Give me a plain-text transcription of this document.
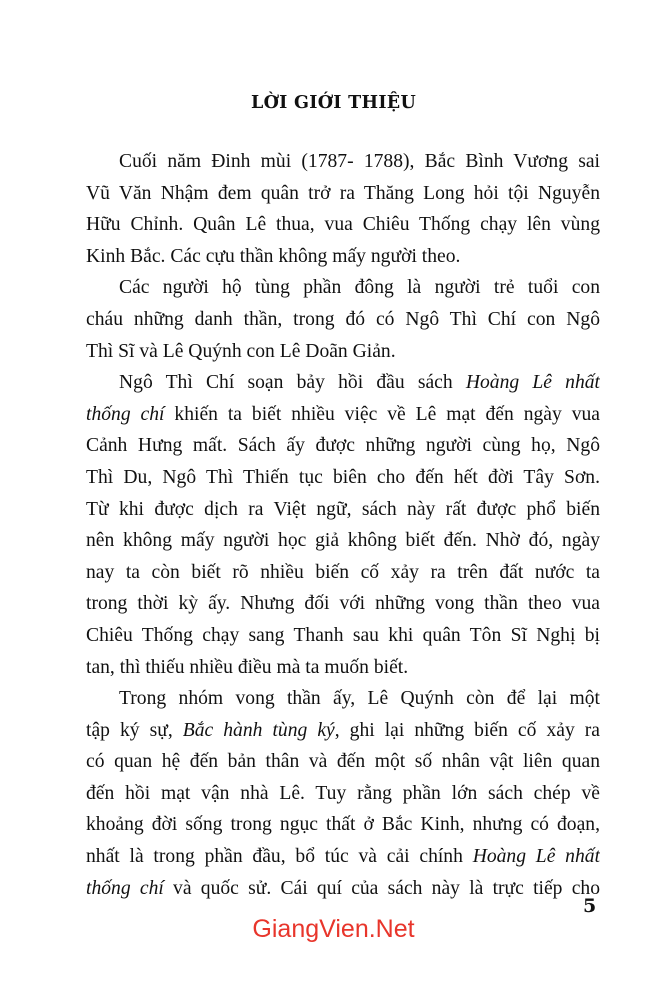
LỜI GIỚI THIỆU

Cuối năm Đinh mùi (1787- 1788), Bắc Bình Vương sai
Vũ Văn Nhậm đem quân trở ra Thăng Long hỏi tội Nguyễn
Hữu Chỉnh. Quân Lê thua, vua Chiêu Thống chạy lên vùng
Kinh Bắc. Các cựu thần không mấy người theo.

Các người hộ tùng phần đông là người trẻ tuổi con
cháu những danh thần, trong đó có Ngô Thì Chí con Ngô
Thì Sĩ và Lê Quýnh con Lê Doãn Giản.

Ngô Thì Chí soạn bảy hồi đầu sách Hoàng Lê nhất
thống chí khiến ta biết nhiều việc về Lê mạt đến ngày vua
Cảnh Hưng mất. Sách ấy được những người cùng họ, Ngô
Thì Du, Ngô Thì Thiến tục biên cho đến hết đời Tây Sơn.
Từ khi được dịch ra Việt ngữ, sách này rất được phổ biến
nên không mấy người học giả không biết đến. Nhờ đó, ngày
nay ta còn biết rõ nhiều biến cố xảy ra trên đất nước ta
trong thời kỳ ấy. Nhưng đối với những vong thần theo vua
Chiêu Thống chạy sang Thanh sau khi quân Tôn Sĩ Nghị bị
tan, thì thiếu nhiều điều mà ta muốn biết.

Trong nhóm vong thần ấy, Lê Quýnh còn để lại một
tập ký sự, Bắc hành tùng ký, ghi lại những biến cố xảy ra
có quan hệ đến bản thân và đến một số nhân vật liên quan
đến hồi mạt vận nhà Lê. Tuy rằng phần lớn sách chép về
khoảng đời sống trong ngục thất ở Bắc Kinh, nhưng có đoạn,
nhất là trong phần đầu, bổ túc và cải chính Hoàng Lê nhất
thống chí và quốc sử. Cái quí của sách này là trực tiếp cho

5
GiangVien.Net
